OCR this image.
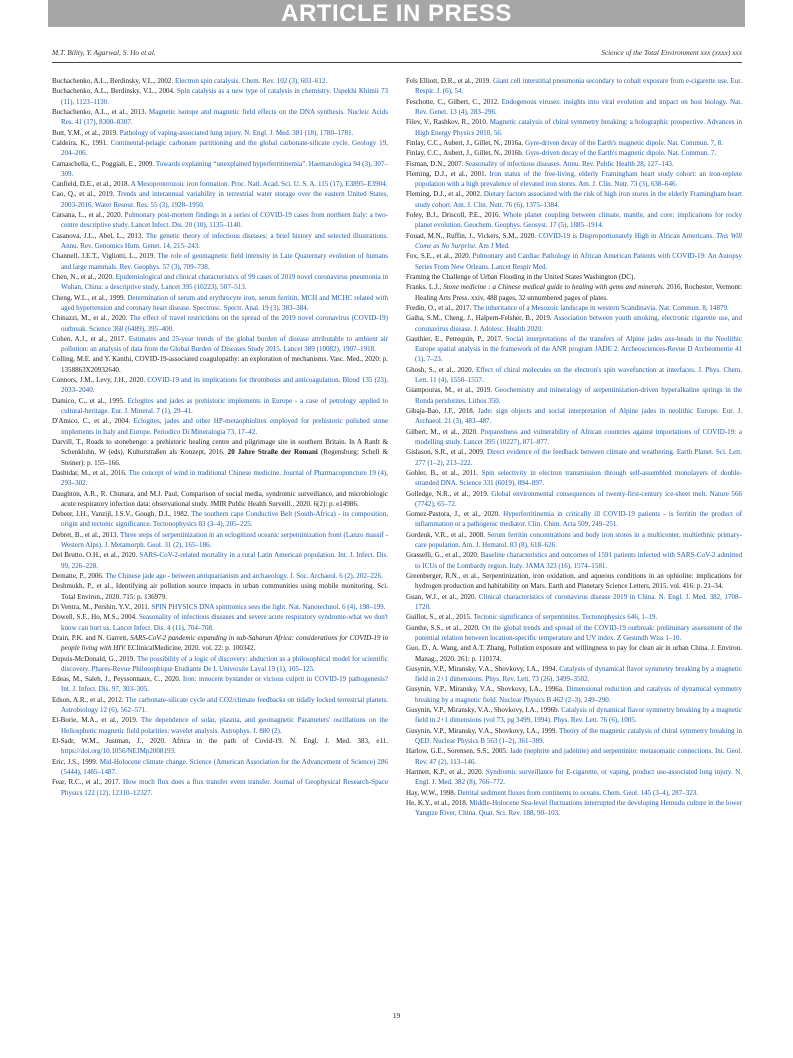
ARTICLE IN PRESS
M.T. Bility, Y. Agarwal, S. Ho et al.	Science of the Total Environment xxx (xxxx) xxx

Buchachenko, A.L., Berdinsky, V.L., 2002. Electron spin catalysis. Chem. Rev. 102 (3), 603–612.

Buchachenko, A.L., Berdinsky, V.L., 2004. Spin catalysis as a new type of catalysis in chemistry. Uspekhi Khimii 73 (11), 1123–1130.

Buchachenko, A.L., et al., 2013. Magnetic isotope and magnetic field effects on the DNA synthesis. Nucleic Acids Res. 41 (17), 8300–8307.

Butt, Y.M., et al., 2019. Pathology of vaping-associated lung injury. N. Engl. J. Med. 381 (18), 1780–1781.

Caldeira, K., 1991. Continental-pelagic carbonate partitioning and the global carbonate-silicate cycle. Geology 19, 204–206.

Camaschella, C., Poggiali, E., 2009. Towards explaining “unexplained hyperferritinemia”. Haematologica 94 (3), 307–309.

Canfield, D.E., et al., 2018. A Mesoproterozoic iron formation. Proc. Natl. Acad. Sci. U. S. A. 115 (17), E3895–E3904.

Cao, Q., et al., 2019. Trends and interannual variability in terrestrial water storage over the eastern United States, 2003-2016. Water Resour. Res. 55 (3), 1928–1950.

Carsana, L., et al., 2020. Pulmonary post-mortem findings in a series of COVID-19 cases from northern Italy: a two-centre descriptive study. Lancet Infect. Dis. 20 (10), 1135–1140.

Casanova, J.L., Abel, L., 2013. The genetic theory of infectious diseases: a brief history and selected illustrations. Annu. Rev. Genomics Hum. Genet. 14, 215–243.

Channell, J.E.T., Vigliotti, L., 2019. The role of geomagnetic field intensity in Late Quaternary evolution of humans and large mammals. Rev. Geophys. 57 (3), 709–738.

Chen, N., et al., 2020. Epidemiological and clinical characteristics of 99 cases of 2019 novel coronavirus pneumonia in Wuhan, China: a descriptive study. Lancet 395 (10223), 507–513.

Cheng, W.L., et al., 1999. Determination of serum and erythrocyte iron, serum ferritin, MCH and MCHC related with aged hypertension and coronary heart disease. Spectrosc. Spectr. Anal. 19 (3), 383–384.

Chinazzi, M., et al., 2020. The effect of travel restrictions on the spread of the 2019 novel coronavirus (COVID-19) outbreak. Science 368 (6489), 395–400.

Cohen, A.J., et al., 2017. Estimates and 25-year trends of the global burden of disease attributable to ambient air pollution: an analysis of data from the Global Burden of Diseases Study 2015. Lancet 389 (10082), 1907–1918.

Colling, M.E. and Y. Kanthi, COVID-19-associated coagulopathy: an exploration of mechanisms. Vasc. Med., 2020: p. 1358863X20932640.

Connors, J.M., Levy, J.H., 2020. COVID-19 and its implications for thrombosis and anticoagulation. Blood 135 (23), 2033–2040.

Damico, C., et al., 1995. Eclogites and jades as prehistoric implements in Europe - a case of petrology applied to cultural-heritage. Eur. J. Mineral. 7 (1), 29–41.

D'Amico, C., et al., 2004. Eclogites, jades and other HP-metaophiolites employed for prehistoric polished stone implements in Italy and Europe. Periodico Di Mineralogia 73, 17–42.

Darvill, T., Roads to stonehenge: a prehistoric healing centre and pilgrimage site in southern Britain. In A Ranft & Schenkluhn, W (eds), Kulturstraßen als Konzept, 2016. 20 Jahre Straße der Romani (Regensburg: Schell & Steiner): p. 155–166.

Dashtdar, M., et al., 2016. The concept of wind in traditional Chinese medicine. Journal of Pharmacopuncture 19 (4), 293–302.

Daughton, A.R., R. Chunara, and M.J. Paul, Comparison of social media, syndromic surveillance, and microbiologic acute respiratory infection data: observational study. JMIR Public Health Surveill., 2020. 6(2): p. e14986.

Debeer, J.H., Vanzijl, J.S.V., Gough, D.I., 1982. The southern cape Conductive Belt (South-Africa) - its composition, origin and tectonic significance. Tectonophysics 83 (3–4), 205–225.

Debret, B., et al., 2013. Three steps of serpentinization in an eclogitized oceanic serpentinization front (Lanzo massif - Western Alps). J. Metamorph. Geol. 31 (2), 165–186.

Del Brutto, O.H., et al., 2020. SARS-CoV-2-related mortality in a rural Latin American population. Int. J. Infect. Dis. 99, 226–228.

Dematte, P., 2006. The Chinese jade age - between antiquarianism and archaeology. J. Soc. Archaeol. 6 (2), 202–226.

Deshmukh, P., et al., Identifying air pollution source impacts in urban communities using mobile monitoring. Sci. Total Environ., 2020. 715: p. 136979.

Di Ventra, M., Pershin, Y.V., 2011. SPIN PHYSICS DNA spintronics sees the light. Nat. Nanotechnol. 6 (4), 198–199.

Dowell, S.F., Ho, M.S., 2004. Seasonality of infectious diseases and severe acute respiratory syndrome-what we don't know can hurt us. Lancet Infect. Dis. 4 (11), 704–708.

Drain, P.K. and N. Garrett, SARS-CoV-2 pandemic expanding in sub-Saharan Africa: considerations for COVID-19 in people living with HIV. EClinicalMedicine, 2020. vol. 22: p. 100342.

Dupuis-McDonald, G., 2019. The possibility of a logic of discovery: abduction as a philosophical model for scientific discovery. Phares-Revue Philosophique Etudiante De L Universite Laval 19 (1), 105–125.

Edeas, M., Saleh, J., Peyssonnaux, C., 2020. Iron: innocent bystander or vicious culprit in COVID-19 pathogenesis? Int. J. Infect. Dis. 97, 303–305.

Edson, A.R., et al., 2012. The carbonate-silicate cycle and CO2/climate feedbacks on tidally locked terrestrial planets. Astrobiology 12 (6), 562–571.

El-Borie, M.A., et al., 2019. The dependence of solar, plasma, and geomagnetic Parameters' oscillations on the Heliospheric magnetic field polarities: wavelet analysis. Astrophys. J. 880 (2).

El-Sadr, W.M., Justman, J., 2020. Africa in the path of Covid-19. N. Engl. J. Med. 383, e11. https://doi.org/10.1056/NEJMp2008193.

Eric, J.S., 1999. Mid-Holocene climate change. Science (American Association for the Advancement of Science) 286 (5444), 1485–1487.

Fear, R.C., et al., 2017. How much flux does a flux transfer event transfer. Journal of Geophysical Research-Space Physics 122 (12), 12310–12327.

Fels Elliott, D.R., et al., 2019. Giant cell interstitial pneumonia secondary to cobalt exposure from e-cigarette use. Eur. Respir. J. (6), 54.

Feschotte, C., Gilbert, C., 2012. Endogenous viruses: insights into viral evolution and impact on host biology. Nat. Rev. Genet. 13 (4), 283–296.

Filev, V., Rashkov, R., 2010. Magnetic catalysis of chiral symmetry breaking: a holographic prospective. Advances in High Energy Physics 2010, 56.

Finlay, C.C., Aubert, J., Gillet, N., 2016a. Gyre-driven decay of the Earth's magnetic dipole. Nat. Commun. 7, 8.

Finlay, C.C., Aubert, J., Gillet, N., 2016b. Gyre-driven decay of the Earth's magnetic dipole. Nat. Commun. 7.

Fisman, D.N., 2007. Seasonality of infectious diseases. Annu. Rev. Public Health 28, 127–143.

Fleming, D.J., et al., 2001. Iron status of the free-living, elderly Framingham heart study cohort: an iron-replete population with a high prevalence of elevated iron stores. Am. J. Clin. Nutr. 73 (3), 638–646.

Fleming, D.J., et al., 2002. Dietary factors associated with the risk of high iron stores in the elderly Framingham heart study cohort. Am. J. Clin. Nutr. 76 (6), 1375–1384.

Foley, B.J., Driscoll, P.E., 2016. Whole planet coupling between climate, mantle, and core: implications for rocky planet evolution. Geochem. Geophys. Geosyst. 17 (5), 1885–1914.

Fouad, M.N., Ruffin, J., Vickers, S.M., 2020. COVID-19 is Disproportionately High in African Americans. This Will Come as No Surprise. Am J Med.

Fox, S.E., et al., 2020. Pulmonary and Cardiac Pathology in African American Patients with COVID-19: An Autopsy Series From New Orleans. Lancet Respir Med.

Framing the Challenge of Urban Flooding in the United States Washington (DC).

Franks, L.J., Stone medicine : a Chinese medical guide to healing with gems and minerals. 2016, Rochester, Vermont: Healing Arts Press. xxiv, 488 pages, 32 unnumbered pages of plates.

Fredin, O., et al., 2017. The inheritance of a Mesozoic landscape in western Scandinavia. Nat. Commun. 8, 14879.

Gaiha, S.M., Cheng, J., Halpern-Felsher, B., 2019. Association between youth smoking, electronic cigarette use, and coronavirus disease. J. Adolesc. Health 2020.

Gauthier, E., Petrequin, P., 2017. Social interpretations of the transfers of Alpine jades axe-heads in the Neolithic Europe spatial analysis in the framework of the ANR program JADE 2. Archeosciences-Revue D Archeometrie 41 (1), 7–23.

Ghosh, S., et al., 2020. Effect of chiral molecules on the electron's spin wavefunction at interfaces. J. Phys. Chem. Lett. 11 (4), 1550–1557.

Giampouras, M., et al., 2019. Geochemistry and mineralogy of serpentinization-driven hyperalkaline springs in the Ronda peridotites. Lithos 350.

Gibaja-Bao, J.F., 2018. Jade: sign objects and social interpretation of Alpine jades in neolithic Europe. Eur. J. Archaeol. 21 (3), 483–487.

Gilbert, M., et al., 2020. Preparedness and vulnerability of African countries against importations of COVID-19: a modelling study. Lancet 395 (10227), 871–877.

Gislason, S.R., et al., 2009. Direct evidence of the feedback between climate and weathering. Earth Planet. Sci. Lett. 277 (1–2), 213–222.

Gohler, B., et al., 2011. Spin selectivity in electron transmission through self-assembled monolayers of double-stranded DNA. Science 331 (6019), 894–897.

Golledge, N.R., et al., 2019. Global environmental consequences of twenty-first-century ice-sheet melt. Nature 566 (7742), 65–72.

Gomez-Pastora, J., et al., 2020. Hyperferritinemia in critically ill COVID-19 patients - is ferritin the product of inflammation or a pathogenic mediator. Clin. Chim. Acta 509, 249–251.

Gordeuk, V.R., et al., 2008. Serum ferritin concentrations and body iron stores in a multicenter, multiethnic primary-care population. Am. J. Hematol. 83 (8), 618–626.

Grasselli, G., et al., 2020. Baseline characteristics and outcomes of 1591 patients infected with SARS-CoV-2 admitted to ICUs of the Lombardy region. Italy. JAMA 323 (16), 1574–1581.

Greenberger, R.N., et al., Serpentinization, iron oxidation, and aqueous conditions in an ophiolite: implications for hydrogen production and habitability on Mars. Earth and Planetary Science Letters, 2015. vol. 416: p. 21–34.

Guan, W.J., et al., 2020. Clinical characteristics of coronavirus disease 2019 in China. N. Engl. J. Med. 382, 1708–1720.

Guillot, S., et al., 2015. Tectonic significance of serpentinites. Tectonophysics 646, 1–19.

Gunthe, S.S., et al., 2020. On the global trends and spread of the COVID-19 outbreak: preliminary assessment of the potential relation between location-specific temperature and UV index. Z Gesundh Wiss 1–10.

Guo, D., A. Wang, and A.T. Zhang, Pollution exposure and willingness to pay for clean air in urban China. J. Environ. Manag., 2020. 261: p. 110174.

Gusynin, V.P., Miransky, V.A., Shovkovy, I.A., 1994. Catalysis of dynamical flavor symmetry breaking by a magnetic field in 2+1 dimensions. Phys. Rev. Lett. 73 (26), 3499–3502.

Gusynin, V.P., Miransky, V.A., Shovkovy, I.A., 1996a. Dimensional reduction and catalysis of dynamical symmetry breaking by a magnetic field. Nuclear Physics B 462 (2–3), 249–290.

Gusynin, V.P., Miransky, V.A., Shovkovy, I.A., 1996b. Catalysis of dynamical flavor symmetry breaking by a magnetic field in 2+1 dimensions (vol 73, pg 3499, 1994). Phys. Rev. Lett. 76 (6), 1005.

Gusynin, V.P., Miransky, V.A., Shovkovy, I.A., 1999. Theory of the magnetic catalysis of chiral symmetry breaking in QED. Nuclear Physics B 563 (1–2), 361–389.

Harlow, G.E., Sorensen, S.S., 2005. Jade (nephrite and jadeitite) and serpentinite: metasomatic connections. Int. Geol. Rev. 47 (2), 113–146.

Hartnett, K.P., et al., 2020. Syndromic surveillance for E-cigarette, or vaping, product use-associated lung injury. N. Engl. J. Med. 382 (8), 766–772.

Hay, W.W., 1998. Detrital sediment fluxes from continents to oceans. Chem. Geol. 145 (3–4), 287–323.

He, K.Y., et al., 2018. Middle-Holocene Sea-level fluctuations interrupted the developing Hemudu culture in the lower Yangtze River, China. Quat. Sci. Rev. 188, 90–103.

19
